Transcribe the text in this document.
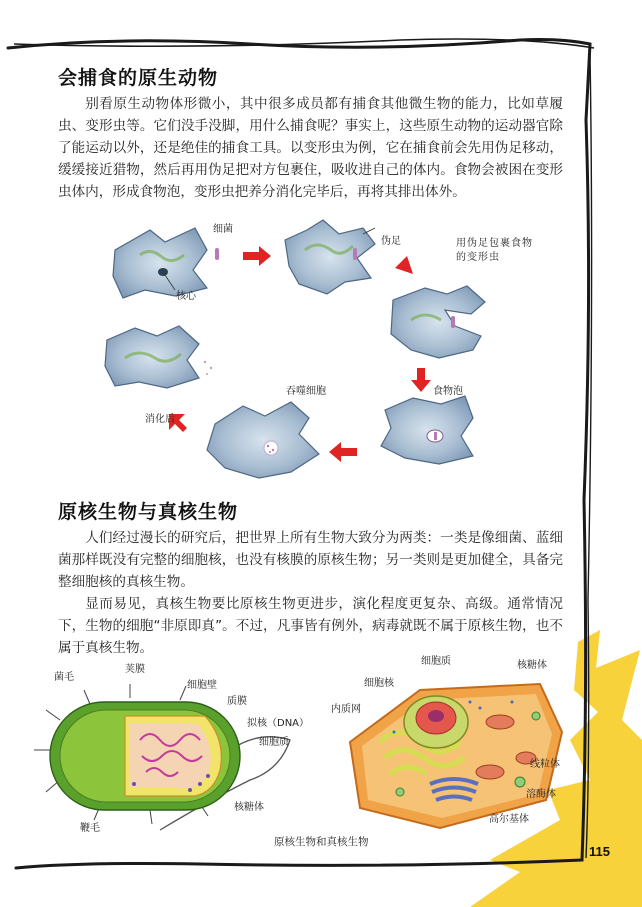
会捕食的原生动物

别看原生动物体形微小，其中很多成员都有捕食其他微生物的能力，比如草履虫、变形虫等。它们没手没脚，用什么捕食呢？事实上，这些原生动物的运动器官除了能运动以外，还是绝佳的捕食工具。以变形虫为例，它在捕食前会先用伪足移动，缓缓接近猎物，然后再用伪足把对方包裹住，吸收进自己的体内。食物会被困在变形虫体内，形成食物泡，变形虫把养分消化完毕后，再将其排出体外。

细菌
核心
伪足	用伪足包裹食物的变形虫
食物泡
吞噬细胞
消化后
原核生物与真核生物

人们经过漫长的研究后，把世界上所有生物大致分为两类：一类是像细菌、蓝细菌那样既没有完整的细胞核，也没有核膜的原核生物；另一类则是更加健全，具备完整细胞核的真核生物。

显而易见，真核生物要比原核生物更进步，演化程度更复杂、高级。通常情况下，生物的细胞“非原即真”。不过，凡事皆有例外，病毒就既不属于原核生物，也不属于真核生物。

菌毛
荚膜
细胞壁
质膜
拟核（DNA）
细胞质
核糖体
鞭毛
细胞质	核糖体
细胞核
内质网
线粒体
溶酶体
高尔基体
原核生物和真核生物
115
